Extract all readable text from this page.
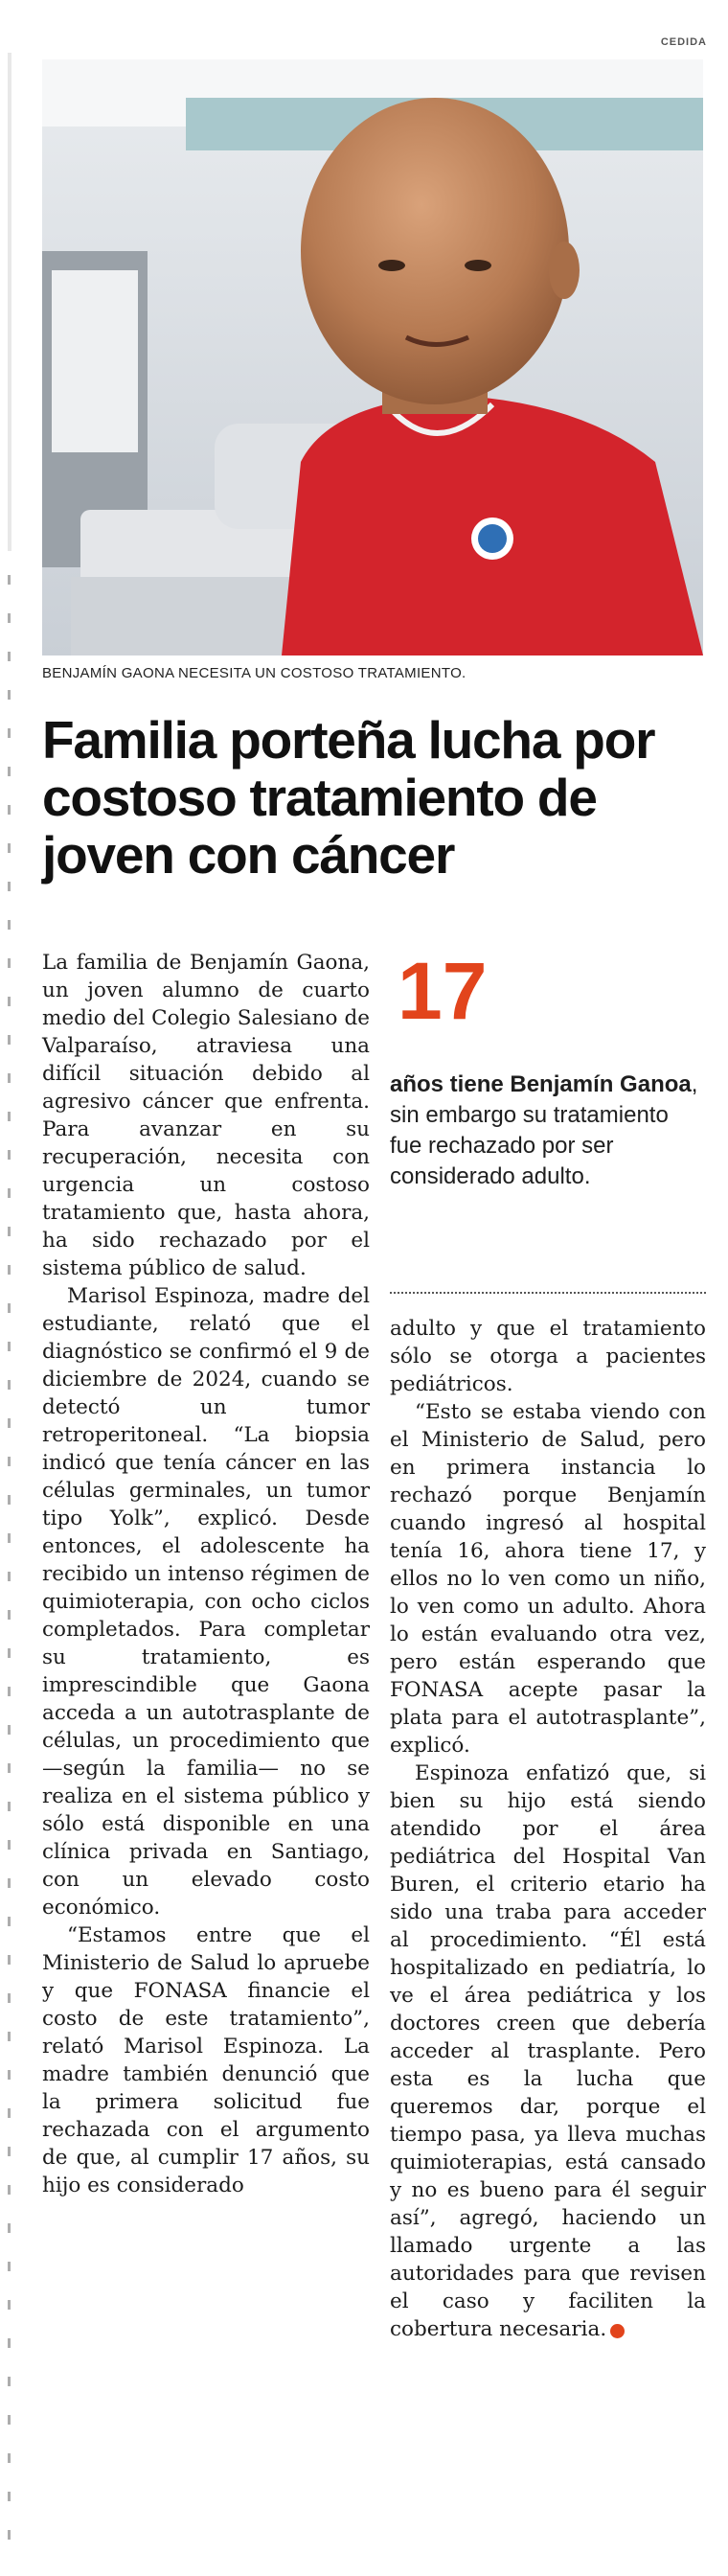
CEDIDA
BENJAMÍN GAONA NECESITA UN COSTOSO TRATAMIENTO.
Familia porteña lucha por costoso tratamiento de joven con cáncer

La familia de Benjamín Gaona, un joven alumno de cuarto medio del Colegio Salesiano de Valparaíso, atraviesa una difícil situación debido al agresivo cáncer que enfrenta. Para avanzar en su recuperación, necesita con urgencia un costoso tratamiento que, hasta ahora, ha sido rechazado por el sistema público de salud.

Marisol Espinoza, madre del estudiante, relató que el diagnóstico se confirmó el 9 de diciembre de 2024, cuando se detectó un tumor retroperitoneal. “La biopsia indicó que tenía cáncer en las células germinales, un tumor tipo Yolk”, explicó. Desde entonces, el adolescente ha recibido un intenso régimen de quimioterapia, con ocho ciclos completados. Para completar su tratamiento, es imprescindible que Gaona acceda a un autotrasplante de células, un procedimiento que —según la familia— no se realiza en el sistema público y sólo está disponible en una clínica privada en Santiago, con un elevado costo económico.

“Estamos entre que el Ministerio de Salud lo apruebe y que FONASA financie el costo de este tratamiento”, relató Marisol Espinoza. La madre también denunció que la primera solicitud fue rechazada con el argumento de que, al cumplir 17 años, su hijo es considerado

17
años tiene Benjamín Ganoa, sin embargo su tratamiento fue rechazado por ser considerado adulto.

adulto y que el tratamiento sólo se otorga a pacientes pediátricos.

“Esto se estaba viendo con el Ministerio de Salud, pero en primera instancia lo rechazó porque Benjamín cuando ingresó al hospital tenía 16, ahora tiene 17, y ellos no lo ven como un niño, lo ven como un adulto. Ahora lo están evaluando otra vez, pero están esperando que FONASA acepte pasar la plata para el autotrasplante”, explicó.

Espinoza enfatizó que, si bien su hijo está siendo atendido por el área pediátrica del Hospital Van Buren, el criterio etario ha sido una traba para acceder al procedimiento. “Él está hospitalizado en pediatría, lo ve el área pediátrica y los doctores creen que debería acceder al trasplante. Pero esta es la lucha que queremos dar, porque el tiempo pasa, ya lleva muchas quimioterapias, está cansado y no es bueno para él seguir así”, agregó, haciendo un llamado urgente a las autoridades para que revisen el caso y faciliten la cobertura necesaria.	+
